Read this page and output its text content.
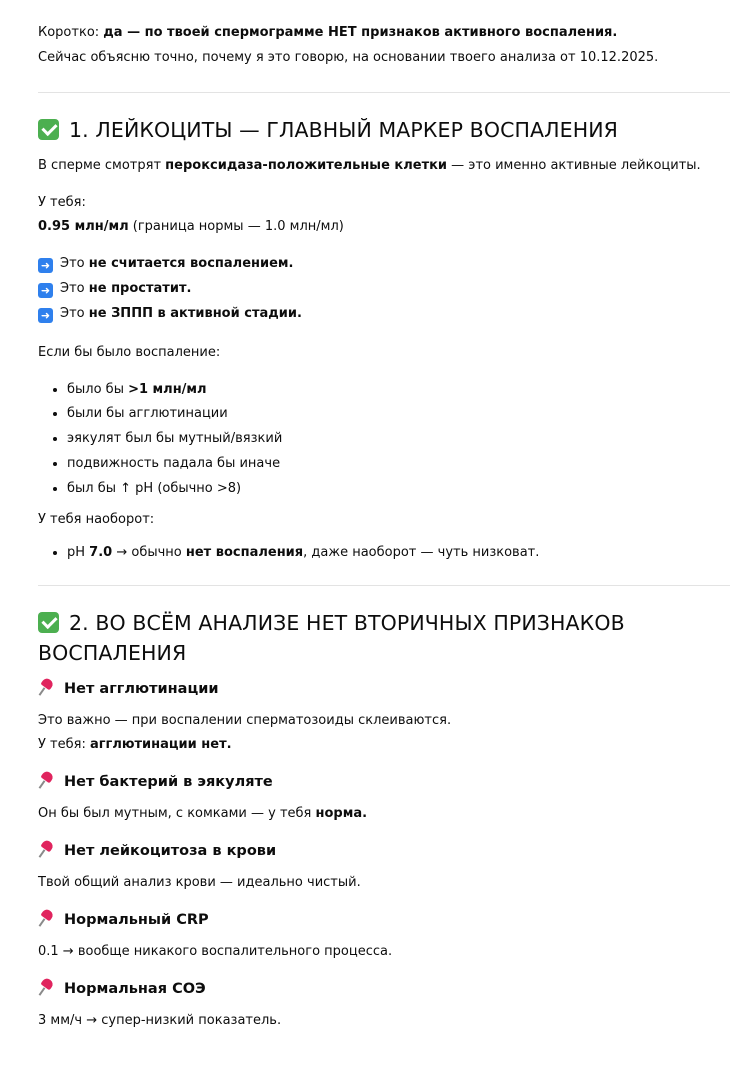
Коротко: да — по твоей спермограмме НЕТ признаков активного воспаления.

Сейчас объясню точно, почему я это говорю, на основании твоего анализа от 10.12.2025.

1. ЛЕЙКОЦИТЫ — ГЛАВНЫЙ МАРКЕР ВОСПАЛЕНИЯ

В сперме смотрят пероксидаза-положительные клетки — это именно активные лейкоциты.

У тебя:

0.95 млн/мл (граница нормы — 1.0 млн/мл)

➜ Это не считается воспалением.

➜ Это не простатит.

➜ Это не ЗППП в активной стадии.

Если бы было воспаление:

• было бы >1 млн/мл
• были бы агглютинации
• эякулят был бы мутный/вязкий
• подвижность падала бы иначе
• был бы ↑ pH (обычно >8)

У тебя наоборот:

• pH 7.0 → обычно нет воспаления, даже наоборот — чуть низковат.
2. ВО ВСЁМ АНАЛИЗЕ НЕТ ВТОРИЧНЫХ ПРИЗНАКОВ
ВОСПАЛЕНИЯ
Нет агглютинации

Это важно — при воспалении сперматозоиды склеиваются.

У тебя: агглютинации нет.

Нет бактерий в эякуляте

Он бы был мутным, с комками — у тебя норма.

Нет лейкоцитоза в крови

Твой общий анализ крови — идеально чистый.

Нормальный CRP

0.1 → вообще никакого воспалительного процесса.

Нормальная СОЭ

3 мм/ч → супер-низкий показатель.
